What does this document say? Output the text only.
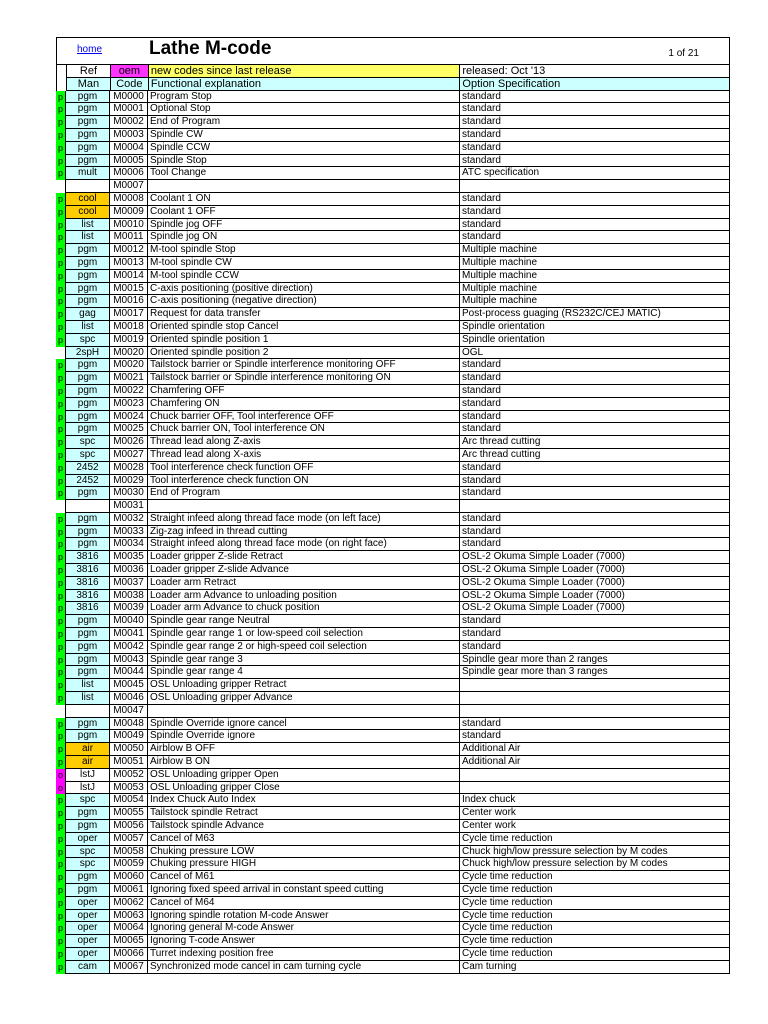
home Lathe M-code	1 of 21
Ref	oem new codes since last release	released: Oct '13
Man	Code Functional explanation	Option Specification
p	pgm	M0000 Program Stop	standard
p	pgm	M0001 Optional Stop	standard
p	pgm	M0002 End of Program	standard
p	pgm	M0003 Spindle CW	standard
p	pgm	M0004 Spindle CCW	standard
p	pgm	M0005 Spindle Stop	standard
p	mult	M0006 Tool Change	ATC specification
M0007
p	cool	M0008 Coolant 1 ON	standard
p	cool	M0009 Coolant 1 OFF	standard
p	list	M0010 Spindle jog OFF	standard
p	list	M0011 Spindle jog ON	standard
p	pgm	M0012 M-tool spindle Stop	Multiple machine
p	pgm	M0013 M-tool spindle CW	Multiple machine
p	pgm	M0014 M-tool spindle CCW	Multiple machine
p	pgm	M0015 C-axis positioning (positive direction)	Multiple machine
p	pgm	M0016 C-axis positioning (negative direction)	Multiple machine
p	gag	M0017 Request for data transfer	Post-process guaging (RS232C/CEJ MATIC)
p	list	M0018 Oriented spindle stop Cancel	Spindle orientation
p	spc	M0019 Oriented spindle position 1	Spindle orientation
2spH	M0020 Oriented spindle position 2	OGL
p	pgm	M0020 Tailstock barrier or Spindle interference monitoring OFF	standard
p	pgm	M0021 Tailstock barrier or Spindle interference monitoring ON	standard
p	pgm	M0022 Chamfering OFF	standard
p	pgm	M0023 Chamfering ON	standard
p	pgm	M0024 Chuck barrier OFF, Tool interference OFF	standard
p	pgm	M0025 Chuck barrier ON, Tool interference ON	standard
p	spc	M0026 Thread lead along Z-axis	Arc thread cutting
p	spc	M0027 Thread lead along X-axis	Arc thread cutting
p	2452	M0028 Tool interference check function OFF	standard
p	2452	M0029 Tool interference check function ON	standard
p	pgm	M0030 End of Program	standard
M0031
p	pgm	M0032 Straight infeed along thread face mode (on left face)	standard
p	pgm	M0033 Zig-zag infeed in thread cutting	standard
p	pgm	M0034 Straight infeed along thread face mode (on right face)	standard
p	3816	M0035 Loader gripper Z-slide Retract	OSL-2 Okuma Simple Loader (7000)
p	3816	M0036 Loader gripper Z-slide Advance	OSL-2 Okuma Simple Loader (7000)
p	3816	M0037 Loader arm Retract	OSL-2 Okuma Simple Loader (7000)
p	3816	M0038 Loader arm Advance to unloading position	OSL-2 Okuma Simple Loader (7000)
p	3816	M0039 Loader arm Advance to chuck position	OSL-2 Okuma Simple Loader (7000)
p	pgm	M0040 Spindle gear range Neutral	standard
p	pgm	M0041 Spindle gear range 1 or low-speed coil selection	standard
p	pgm	M0042 Spindle gear range 2 or high-speed coil selection	standard
p	pgm	M0043 Spindle gear range 3	Spindle gear more than 2 ranges
p	pgm	M0044 Spindle gear range 4	Spindle gear more than 3 ranges
p	list	M0045 OSL Unloading gripper Retract
p	list	M0046 OSL Unloading gripper Advance
M0047
p	pgm	M0048 Spindle Override ignore cancel	standard
p	pgm	M0049 Spindle Override ignore	standard
p	air	M0050 Airblow B OFF	Additional Air
p	air	M0051 Airblow B ON	Additional Air
o	lstJ	M0052 OSL Unloading gripper Open
o	lstJ	M0053 OSL Unloading gripper Close
p	spc	M0054 Index Chuck Auto Index	Index chuck
p	pgm	M0055 Tailstock spindle Retract	Center work
p	pgm	M0056 Tailstock spindle Advance	Center work
p	oper	M0057 Cancel of M63	Cycle time reduction
p	spc	M0058 Chuking pressure LOW	Chuck high/low pressure selection by M codes
p	spc	M0059 Chuking pressure HIGH	Chuck high/low pressure selection by M codes
p	pgm	M0060 Cancel of M61	Cycle time reduction
p	pgm	M0061 Ignoring fixed speed arrival in constant speed cutting	Cycle time reduction
p	oper	M0062 Cancel of M64	Cycle time reduction
p	oper	M0063 Ignoring spindle rotation M-code Answer	Cycle time reduction
p	oper	M0064 Ignoring general M-code Answer	Cycle time reduction
p	oper	M0065 Ignoring T-code Answer	Cycle time reduction
p	oper	M0066 Turret indexing position free	Cycle time reduction
p	cam	M0067 Synchronized mode cancel in cam turning cycle	Cam turning
